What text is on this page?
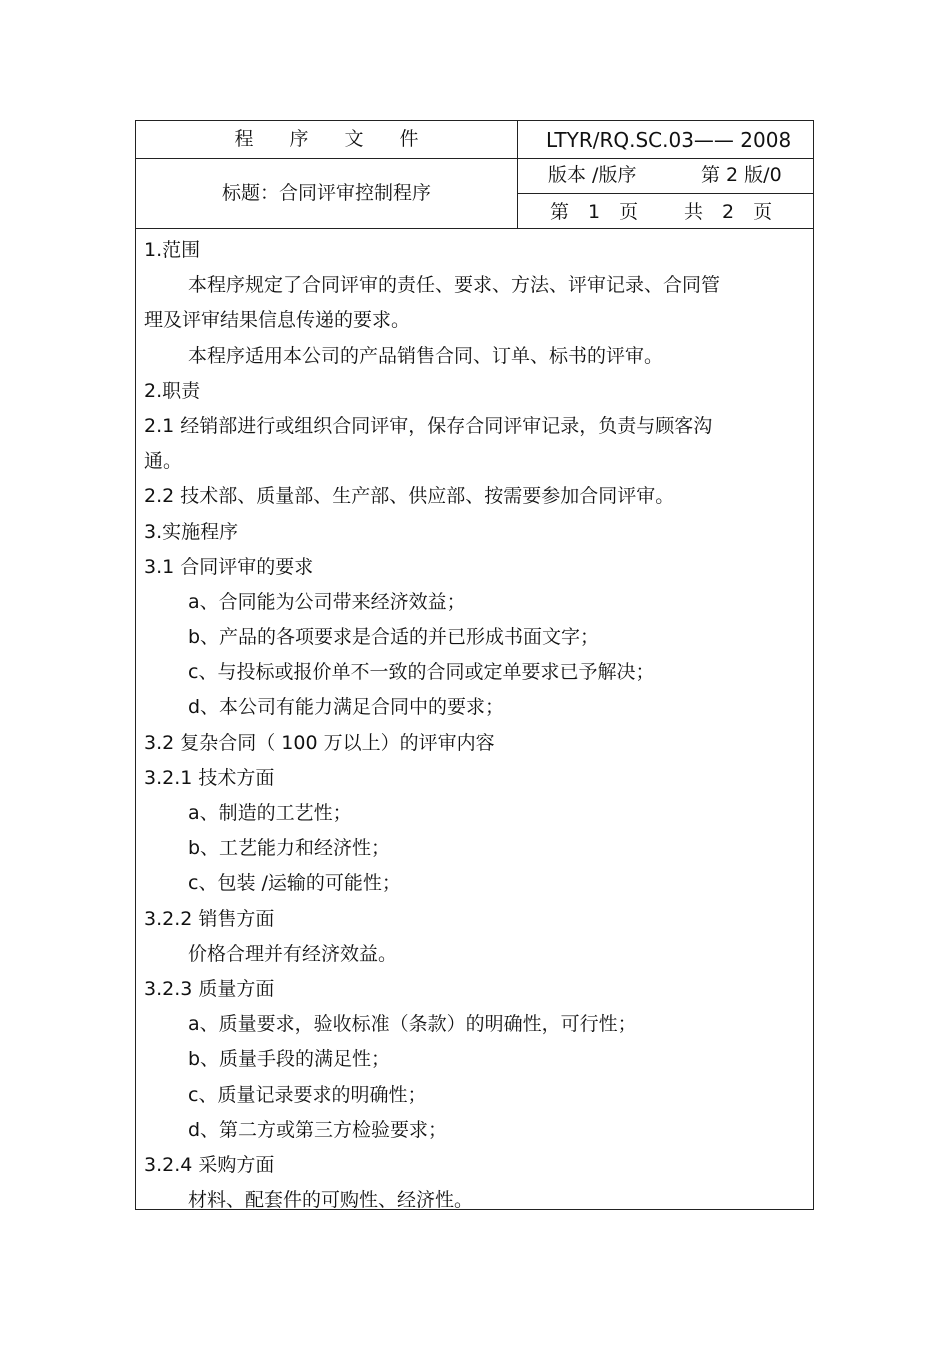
程序文件	LTYR/RQ.SC.03—— 2008
标题：合同评审控制程序
版本 /版序	第 2 版/0
第　1　页 共　2　页
1.范围
本程序规定了合同评审的责任、要求、方法、评审记录、合同管
理及评审结果信息传递的要求。
本程序适用本公司的产品销售合同、订单、标书的评审。
2.职责
2.1 经销部进行或组织合同评审，保存合同评审记录，负责与顾客沟
通。
2.2 技术部、质量部、生产部、供应部、按需要参加合同评审。
3.实施程序
3.1 合同评审的要求
a、合同能为公司带来经济效益；
b、产品的各项要求是合适的并已形成书面文字；
c、与投标或报价单不一致的合同或定单要求已予解决；
d、本公司有能力满足合同中的要求；
3.2 复杂合同（ 100 万以上）的评审内容
3.2.1 技术方面
a、制造的工艺性；
b、工艺能力和经济性；
c、包装 /运输的可能性；
3.2.2 销售方面
价格合理并有经济效益。
3.2.3 质量方面
a、质量要求，验收标准（条款）的明确性，可行性；
b、质量手段的满足性；
c、质量记录要求的明确性；
d、第二方或第三方检验要求；
3.2.4 采购方面
材料、配套件的可购性、经济性。
